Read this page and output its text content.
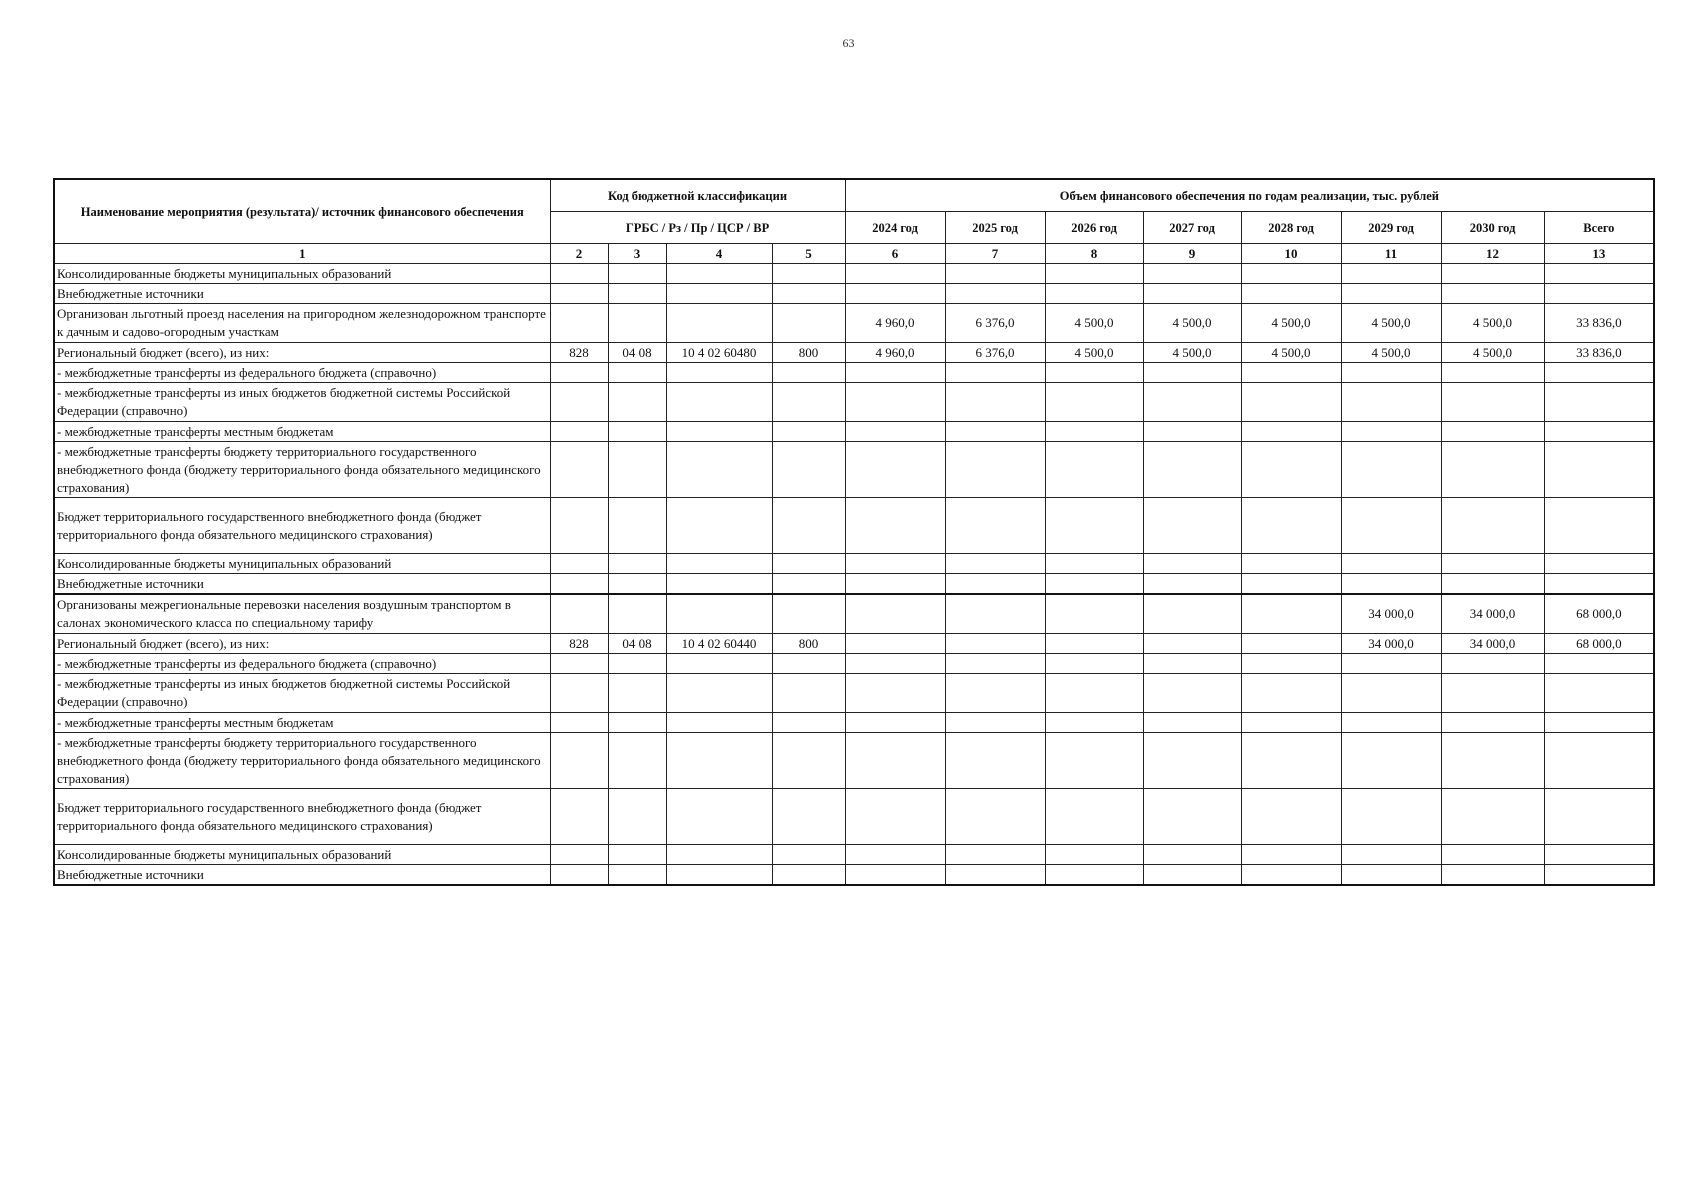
63
Наименование мероприятия (результата)/ источник финансового обеспечения	Код бюджетной классификации				Объем финансового обеспечения по годам реализации, тыс. рублей							
	ГРБС / Рз / Пр / ЦСР / ВР				2024 год	2025 год	2026 год	2027 год	2028 год	2029 год	2030 год	Всего
1	2	3	4	5	6	7	8	9	10	11	12	13
Консолидированные бюджеты муниципальных образований												
Внебюджетные источники												
Организован льготный проезд населения на пригородном железнодорожном транспорте к дачным и садово-огородным участкам					4 960,0	6 376,0	4 500,0	4 500,0	4 500,0	4 500,0	4 500,0	33 836,0
Региональный бюджет (всего), из них:	828	04 08	10 4 02 60480	800	4 960,0	6 376,0	4 500,0	4 500,0	4 500,0	4 500,0	4 500,0	33 836,0
- межбюджетные трансферты из федерального бюджета (справочно)												
- межбюджетные трансферты из иных бюджетов бюджетной системы Российской Федерации (справочно)												
- межбюджетные трансферты местным бюджетам												
- межбюджетные трансферты бюджету территориального государственного внебюджетного фонда (бюджету территориального фонда обязательного медицинского страхования)												
Бюджет территориального государственного внебюджетного фонда (бюджет территориального фонда обязательного медицинского страхования)												
Консолидированные бюджеты муниципальных образований												
Внебюджетные источники												
Организованы межрегиональные перевозки населения воздушным транспортом в салонах экономического класса по специальному тарифу										34 000,0	34 000,0	68 000,0
Региональный бюджет (всего), из них:	828	04 08	10 4 02 60440	800						34 000,0	34 000,0	68 000,0
- межбюджетные трансферты из федерального бюджета (справочно)												
- межбюджетные трансферты из иных бюджетов бюджетной системы Российской Федерации (справочно)												
- межбюджетные трансферты местным бюджетам												
- межбюджетные трансферты бюджету территориального государственного внебюджетного фонда (бюджету территориального фонда обязательного медицинского страхования)												
Бюджет территориального государственного внебюджетного фонда (бюджет территориального фонда обязательного медицинского страхования)												
Консолидированные бюджеты муниципальных образований												
Внебюджетные источники												
